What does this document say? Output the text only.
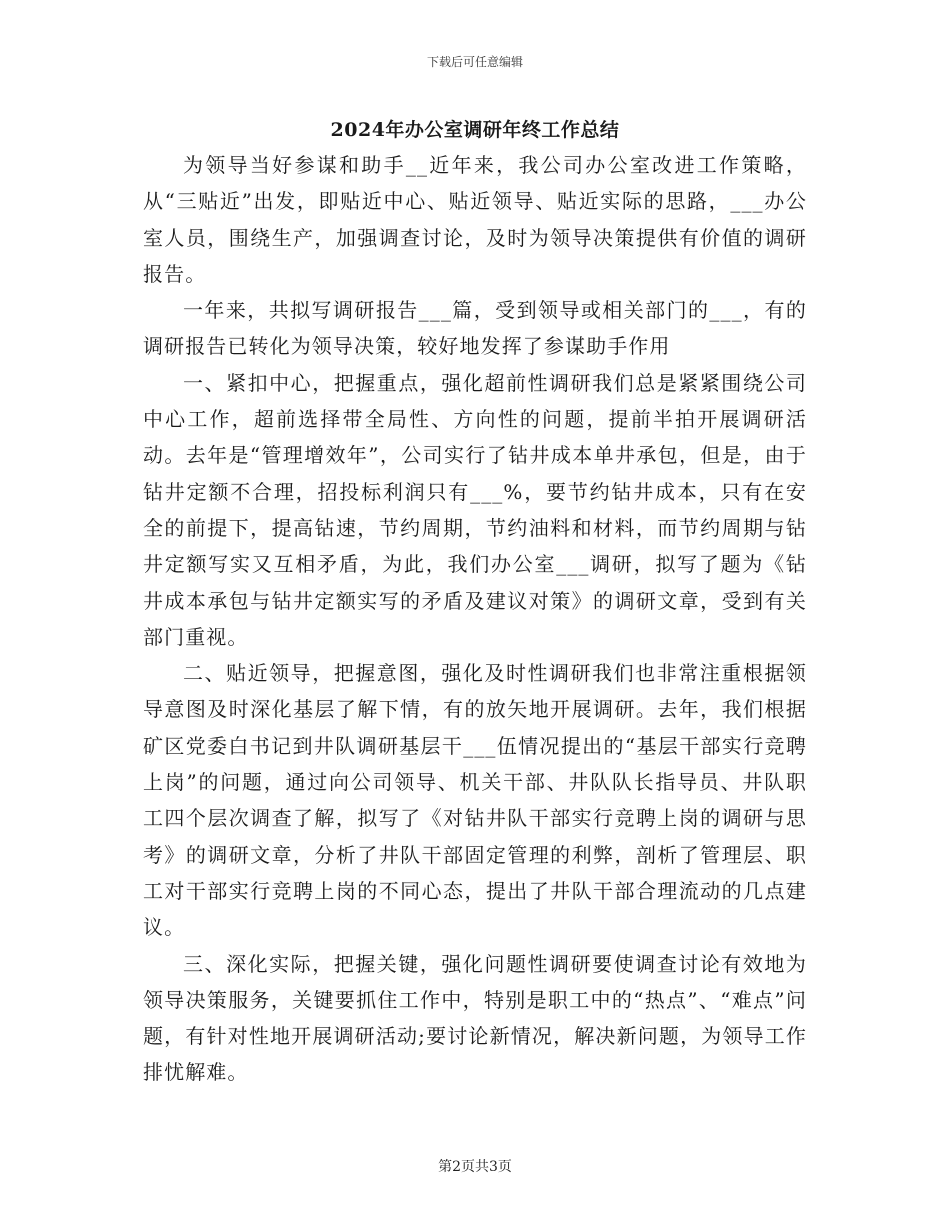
下载后可任意编辑
2024年办公室调研年终工作总结

为领导当好参谋和助手__近年来，我公司办公室改进工作策略，从“三贴近”出发，即贴近中心、贴近领导、贴近实际的思路，___办公室人员，围绕生产，加强调查讨论，及时为领导决策提供有价值的调研报告。

一年来，共拟写调研报告___篇，受到领导或相关部门的___，有的调研报告已转化为领导决策，较好地发挥了参谋助手作用

一、紧扣中心，把握重点，强化超前性调研我们总是紧紧围绕公司中心工作，超前选择带全局性、方向性的问题，提前半拍开展调研活动。去年是“管理增效年”，公司实行了钻井成本单井承包，但是，由于钻井定额不合理，招投标利润只有___%，要节约钻井成本，只有在安全的前提下，提高钻速，节约周期，节约油料和材料，而节约周期与钻井定额写实又互相矛盾，为此，我们办公室___调研，拟写了题为《钻井成本承包与钻井定额实写的矛盾及建议对策》的调研文章，受到有关部门重视。

二、贴近领导，把握意图，强化及时性调研我们也非常注重根据领导意图及时深化基层了解下情，有的放矢地开展调研。去年，我们根据矿区党委白书记到井队调研基层干___伍情况提出的“基层干部实行竞聘上岗”的问题，通过向公司领导、机关干部、井队队长指导员、井队职工四个层次调查了解，拟写了《对钻井队干部实行竞聘上岗的调研与思考》的调研文章，分析了井队干部固定管理的利弊，剖析了管理层、职工对干部实行竞聘上岗的不同心态，提出了井队干部合理流动的几点建议。

三、深化实际，把握关键，强化问题性调研要使调查讨论有效地为领导决策服务，关键要抓住工作中，特别是职工中的“热点”、“难点”问题，有针对性地开展调研活动;要讨论新情况，解决新问题，为领导工作排忧解难。

第2页共3页
